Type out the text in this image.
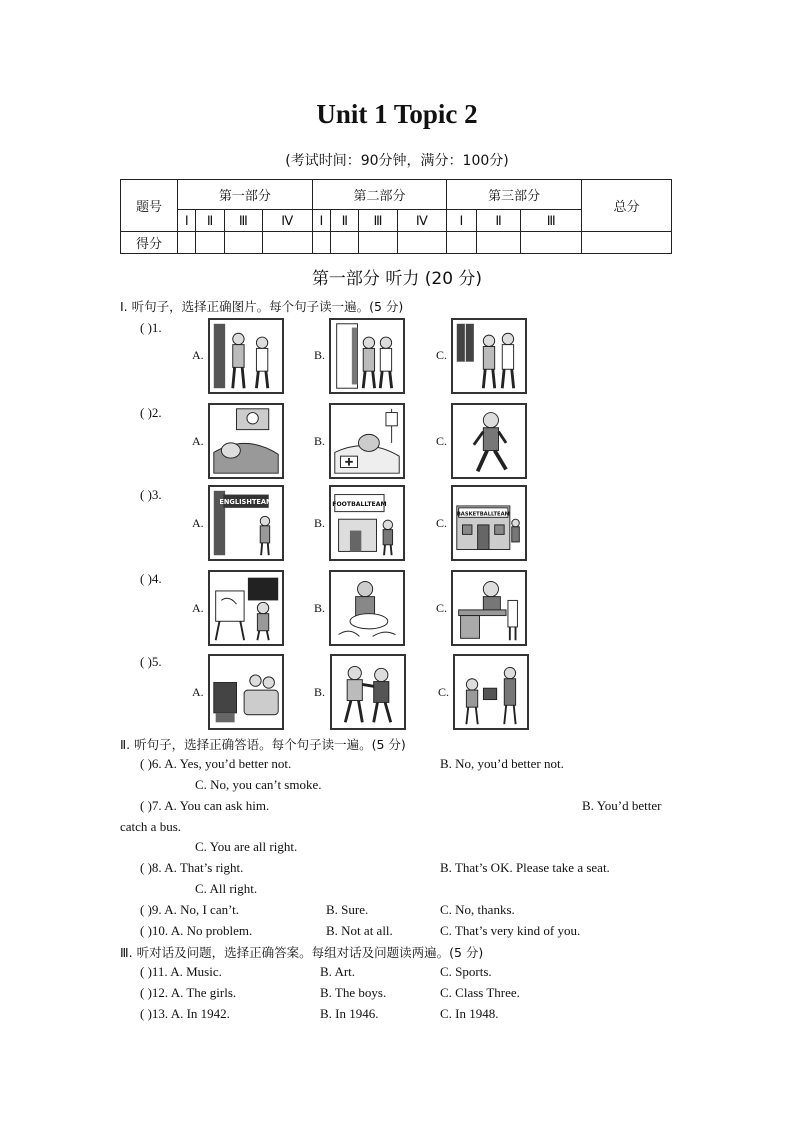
Unit 1 Topic 2
(考试时间：90分钟，满分：100分)
题号	第一部分				第二部分				第三部分			总分
	Ⅰ	Ⅱ	Ⅲ	Ⅳ	Ⅰ	Ⅱ	Ⅲ	Ⅳ	Ⅰ	Ⅱ	Ⅲ	
得分												
第一部分 听力 (20 分)
Ⅰ. 听句子，选择正确图片。每个句子读一遍。(5 分)
( )1.
A.	B.	C.
( )2.
A.	B.	C.
( )3.
A.
ENGLISHTEAM
B.
FOOTBALLTEAM
C.
BASKETBALLTEAM
( )4.
A.	B.	C.
( )5.
A.	B.	C.
Ⅱ. 听句子，选择正确答语。每个句子读一遍。(5 分)
( )6. A. Yes, you’d better not.	B. No, you’d better not.
C. No, you can’t smoke.
( )7. A. You can ask him.	B. You’d better
catch a bus.
C. You are all right.
( )8. A. That’s right.	B. That’s OK. Please take a seat.
C. All right.
( )9. A. No, I can’t.	B. Sure.	C. No, thanks.
( )10. A. No problem.	B. Not at all.	C. That’s very kind of you.
Ⅲ. 听对话及问题，选择正确答案。每组对话及问题读两遍。(5 分)
( )11. A. Music.	B. Art.	C. Sports.
( )12. A. The girls.	B. The boys.	C. Class Three.
( )13. A. In 1942.	B. In 1946.	C. In 1948.
